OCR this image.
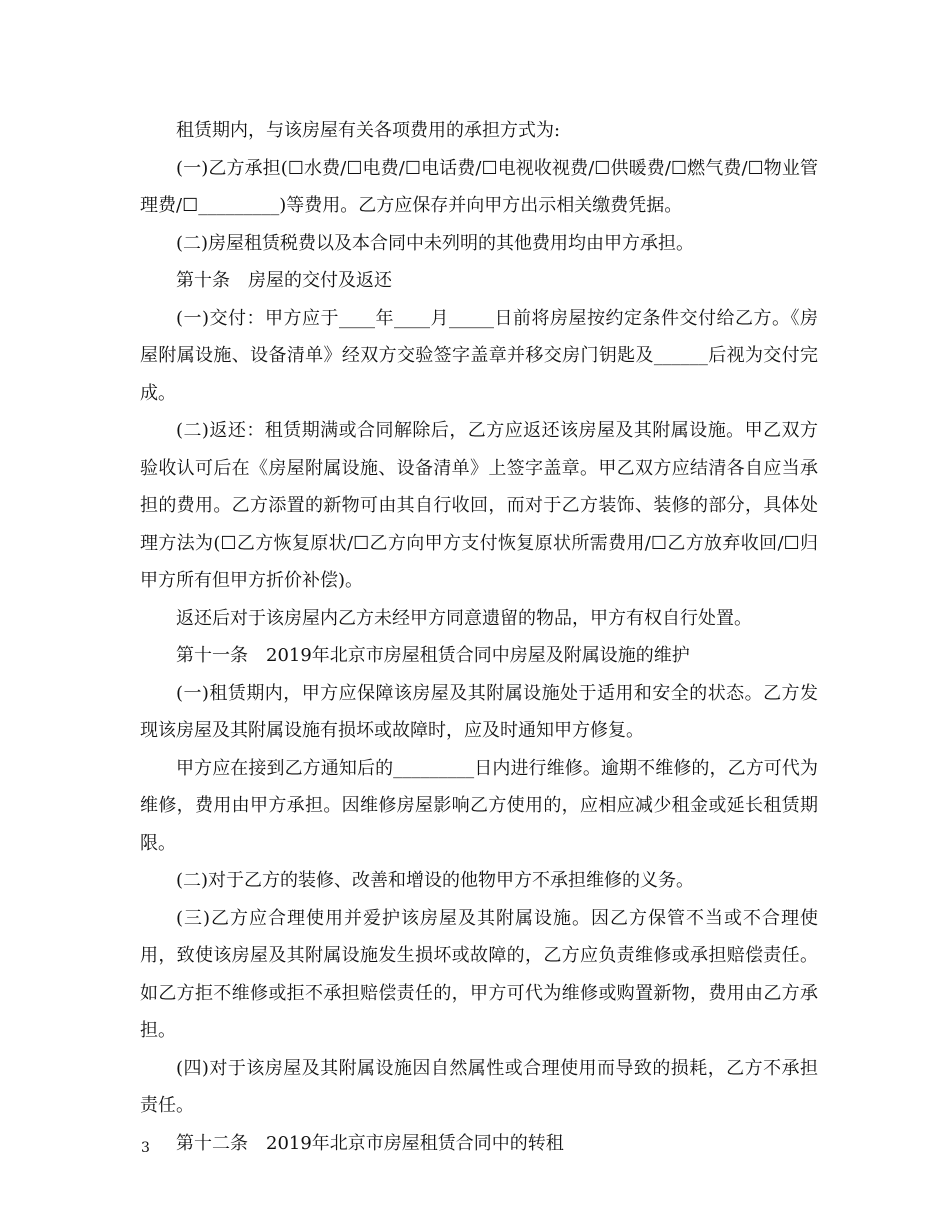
租赁期内，与该房屋有关各项费用的承担方式为:

(一)乙方承担(☐水费/☐电费/☐电话费/☐电视收视费/☐供暖费/☐燃气费/☐物业管理费/☐_________)等费用。乙方应保存并向甲方出示相关缴费凭据。

(二)房屋租赁税费以及本合同中未列明的其他费用均由甲方承担。

第十条　房屋的交付及返还

(一)交付：甲方应于____年____月_____日前将房屋按约定条件交付给乙方。《房屋附属设施、设备清单》经双方交验签字盖章并移交房门钥匙及______后视为交付完成。

(二)返还：租赁期满或合同解除后，乙方应返还该房屋及其附属设施。甲乙双方验收认可后在《房屋附属设施、设备清单》上签字盖章。甲乙双方应结清各自应当承担的费用。乙方添置的新物可由其自行收回，而对于乙方装饰、装修的部分，具体处理方法为(☐乙方恢复原状/☐乙方向甲方支付恢复原状所需费用/☐乙方放弃收回/☐归甲方所有但甲方折价补偿)。

返还后对于该房屋内乙方未经甲方同意遗留的物品，甲方有权自行处置。

第十一条　2019年北京市房屋租赁合同中房屋及附属设施的维护

(一)租赁期内，甲方应保障该房屋及其附属设施处于适用和安全的状态。乙方发现该房屋及其附属设施有损坏或故障时，应及时通知甲方修复。

甲方应在接到乙方通知后的_________日内进行维修。逾期不维修的，乙方可代为维修，费用由甲方承担。因维修房屋影响乙方使用的，应相应减少租金或延长租赁期限。

(二)对于乙方的装修、改善和增设的他物甲方不承担维修的义务。

(三)乙方应合理使用并爱护该房屋及其附属设施。因乙方保管不当或不合理使用，致使该房屋及其附属设施发生损坏或故障的，乙方应负责维修或承担赔偿责任。如乙方拒不维修或拒不承担赔偿责任的，甲方可代为维修或购置新物，费用由乙方承担。

(四)对于该房屋及其附属设施因自然属性或合理使用而导致的损耗，乙方不承担责任。

第十二条　2019年北京市房屋租赁合同中的转租

3
